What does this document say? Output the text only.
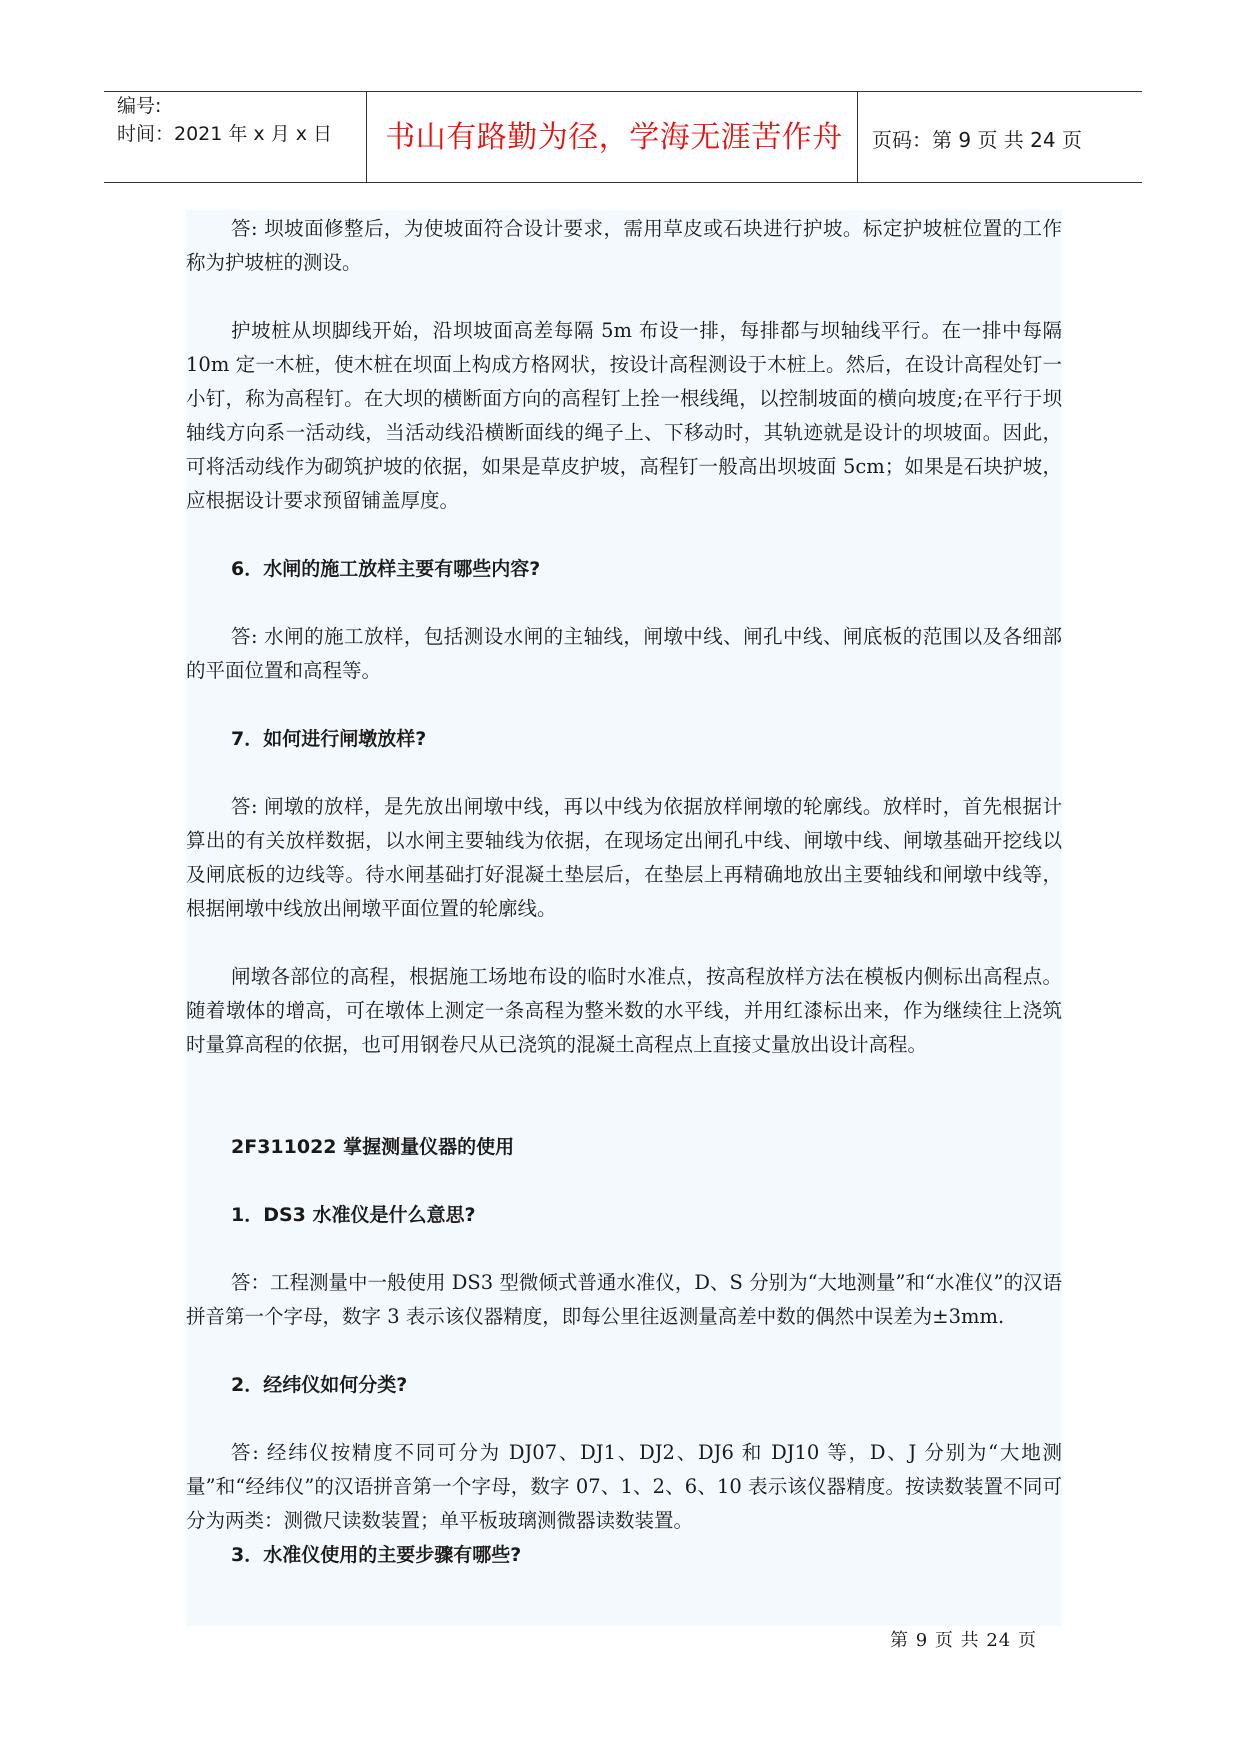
编号:
时间：2021 年 x 月 x 日	书山有路勤为径，学海无涯苦作舟	页码：第 9 页 共 24 页
答: 坝坡面修整后，为使坡面符合设计要求，需用草皮或石块进行护坡。标定护坡桩位置的工作称为护坡桩的测设。
护坡桩从坝脚线开始，沿坝坡面高差每隔 5m 布设一排，每排都与坝轴线平行。在一排中每隔 10m 定一木桩，使木桩在坝面上构成方格网状，按设计高程测设于木桩上。然后，在设计高程处钉一小钉，称为高程钉。在大坝的横断面方向的高程钉上拴一根线绳，以控制坡面的横向坡度;在平行于坝轴线方向系一活动线，当活动线沿横断面线的绳子上、下移动时，其轨迹就是设计的坝坡面。因此，可将活动线作为砌筑护坡的依据，如果是草皮护坡，高程钉一般高出坝坡面 5cm；如果是石块护坡，应根据设计要求预留铺盖厚度。
6．水闸的施工放样主要有哪些内容?
答: 水闸的施工放样，包括测设水闸的主轴线，闸墩中线、闸孔中线、闸底板的范围以及各细部的平面位置和高程等。
7．如何进行闸墩放样?
答: 闸墩的放样，是先放出闸墩中线，再以中线为依据放样闸墩的轮廓线。放样时，首先根据计算出的有关放样数据，以水闸主要轴线为依据，在现场定出闸孔中线、闸墩中线、闸墩基础开挖线以及闸底板的边线等。待水闸基础打好混凝土垫层后，在垫层上再精确地放出主要轴线和闸墩中线等，根据闸墩中线放出闸墩平面位置的轮廓线。
闸墩各部位的高程，根据施工场地布设的临时水准点，按高程放样方法在模板内侧标出高程点。随着墩体的增高，可在墩体上测定一条高程为整米数的水平线，并用红漆标出来，作为继续往上浇筑时量算高程的依据，也可用钢卷尺从已浇筑的混凝土高程点上直接丈量放出设计高程。
2F311022 掌握测量仪器的使用
1．DS3 水准仪是什么意思?
答：工程测量中一般使用 DS3 型微倾式普通水准仪，D、S 分别为“大地测量”和“水准仪”的汉语拼音第一个字母，数字 3 表示该仪器精度，即每公里往返测量高差中数的偶然中误差为±3mm.
2．经纬仪如何分类?
答: 经纬仪按精度不同可分为 DJ07、DJ1、DJ2、DJ6 和 DJ10 等，D、J 分别为“大地测量”和“经纬仪”的汉语拼音第一个字母，数字 07、1、2、6、10 表示该仪器精度。按读数装置不同可分为两类：测微尺读数装置；单平板玻璃测微器读数装置。
3．水准仪使用的主要步骤有哪些?
第 9 页 共 24 页
